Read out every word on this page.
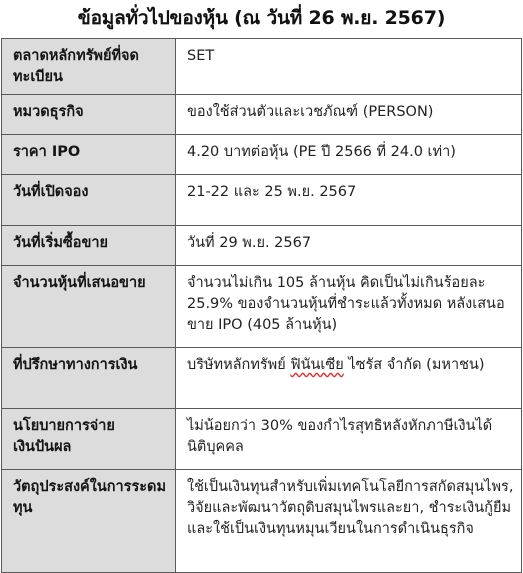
ข้อมูลทั่วไปของหุ้น (ณ วันที่ 26 พ.ย. 2567)
ตลาดหลักทรัพย์ที่จดทะเบียน	SET
หมวดธุรกิจ	ของใช้ส่วนตัวและเวชภัณฑ์ (PERSON)
ราคา IPO	4.20 บาทต่อหุ้น (PE ปี 2566 ที่ 24.0 เท่า)
วันที่เปิดจอง	21-22 และ 25 พ.ย. 2567
วันที่เริ่มซื้อขาย	วันที่ 29 พ.ย. 2567
จำนวนหุ้นที่เสนอขาย	จำนวนไม่เกิน 105 ล้านหุ้น คิดเป็นไม่เกินร้อยละ 25.9% ของจำนวนหุ้นที่ชำระแล้วทั้งหมด หลังเสนอขาย IPO (405 ล้านหุ้น)
ที่ปรึกษาทางการเงิน	บริษัทหลักทรัพย์ ฟินันเซีย ไซรัส จำกัด (มหาชน)
นโยบายการจ่ายเงินปันผล	ไม่น้อยกว่า 30% ของกำไรสุทธิหลังหักภาษีเงินได้นิติบุคคล
วัตถุประสงค์ในการระดมทุน	ใช้เป็นเงินทุนสำหรับเพิ่มเทคโนโลยีการสกัดสมุนไพร, วิจัยและพัฒนาวัตถุดิบสมุนไพรและยา, ชำระเงินกู้ยืม และใช้เป็นเงินทุนหมุนเวียนในการดำเนินธุรกิจ
